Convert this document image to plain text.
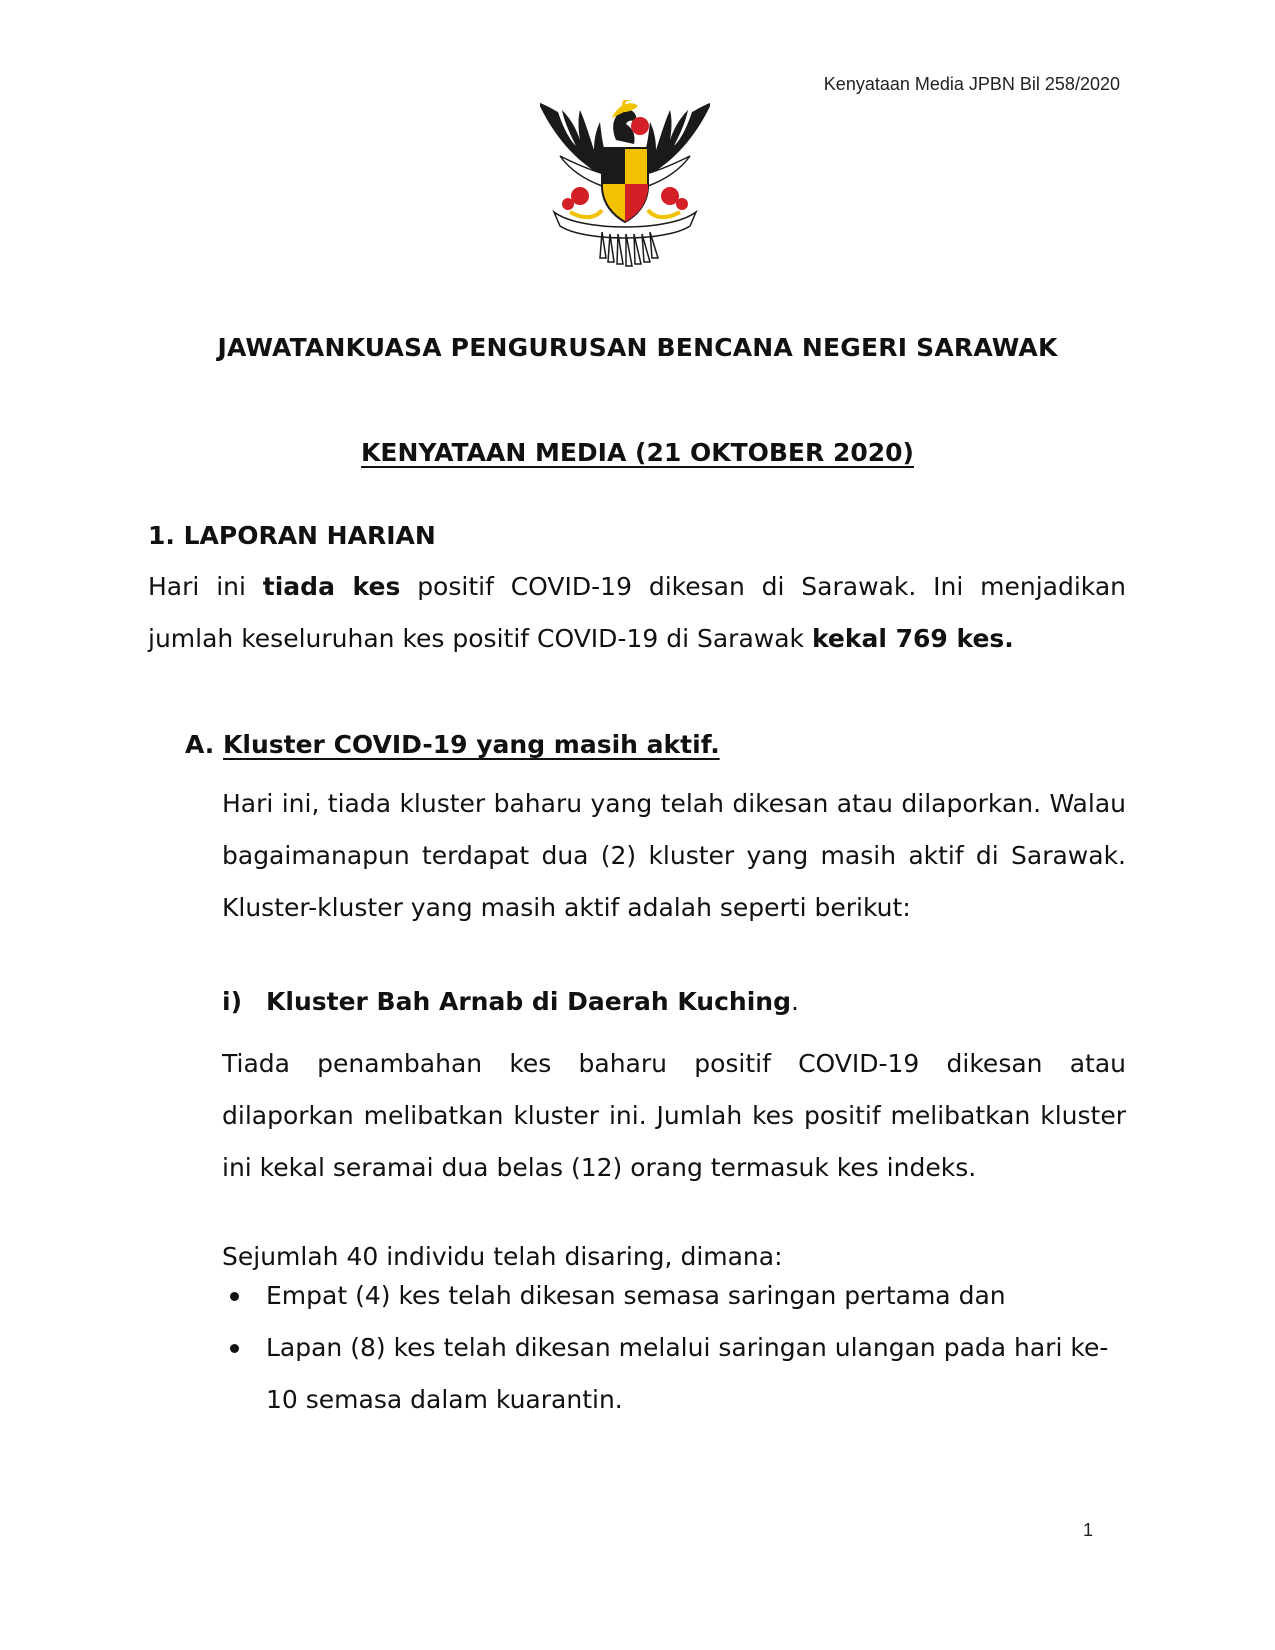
Kenyataan Media JPBN Bil 258/2020
JAWATANKUASA PENGURUSAN BENCANA NEGERI SARAWAK
KENYATAAN MEDIA (21 OKTOBER 2020)
1. LAPORAN HARIAN

Hari ini tiada kes positif COVID-19 dikesan di Sarawak. Ini menjadikan jumlah keseluruhan kes positif COVID-19 di Sarawak kekal 769 kes.

A. Kluster COVID-19 yang masih aktif.

Hari ini, tiada kluster baharu yang telah dikesan atau dilaporkan. Walau bagaimanapun terdapat dua (2) kluster yang masih aktif di Sarawak. Kluster-kluster yang masih aktif adalah seperti berikut:

i) Kluster Bah Arnab di Daerah Kuching.

Tiada penambahan kes baharu positif COVID-19 dikesan atau dilaporkan melibatkan kluster ini. Jumlah kes positif melibatkan kluster ini kekal seramai dua belas (12) orang termasuk kes indeks.

Sejumlah 40 individu telah disaring, dimana:
Empat (4) kes telah dikesan semasa saringan pertama dan
Lapan (8) kes telah dikesan melalui saringan ulangan pada hari ke-10 semasa dalam kuarantin.
1
